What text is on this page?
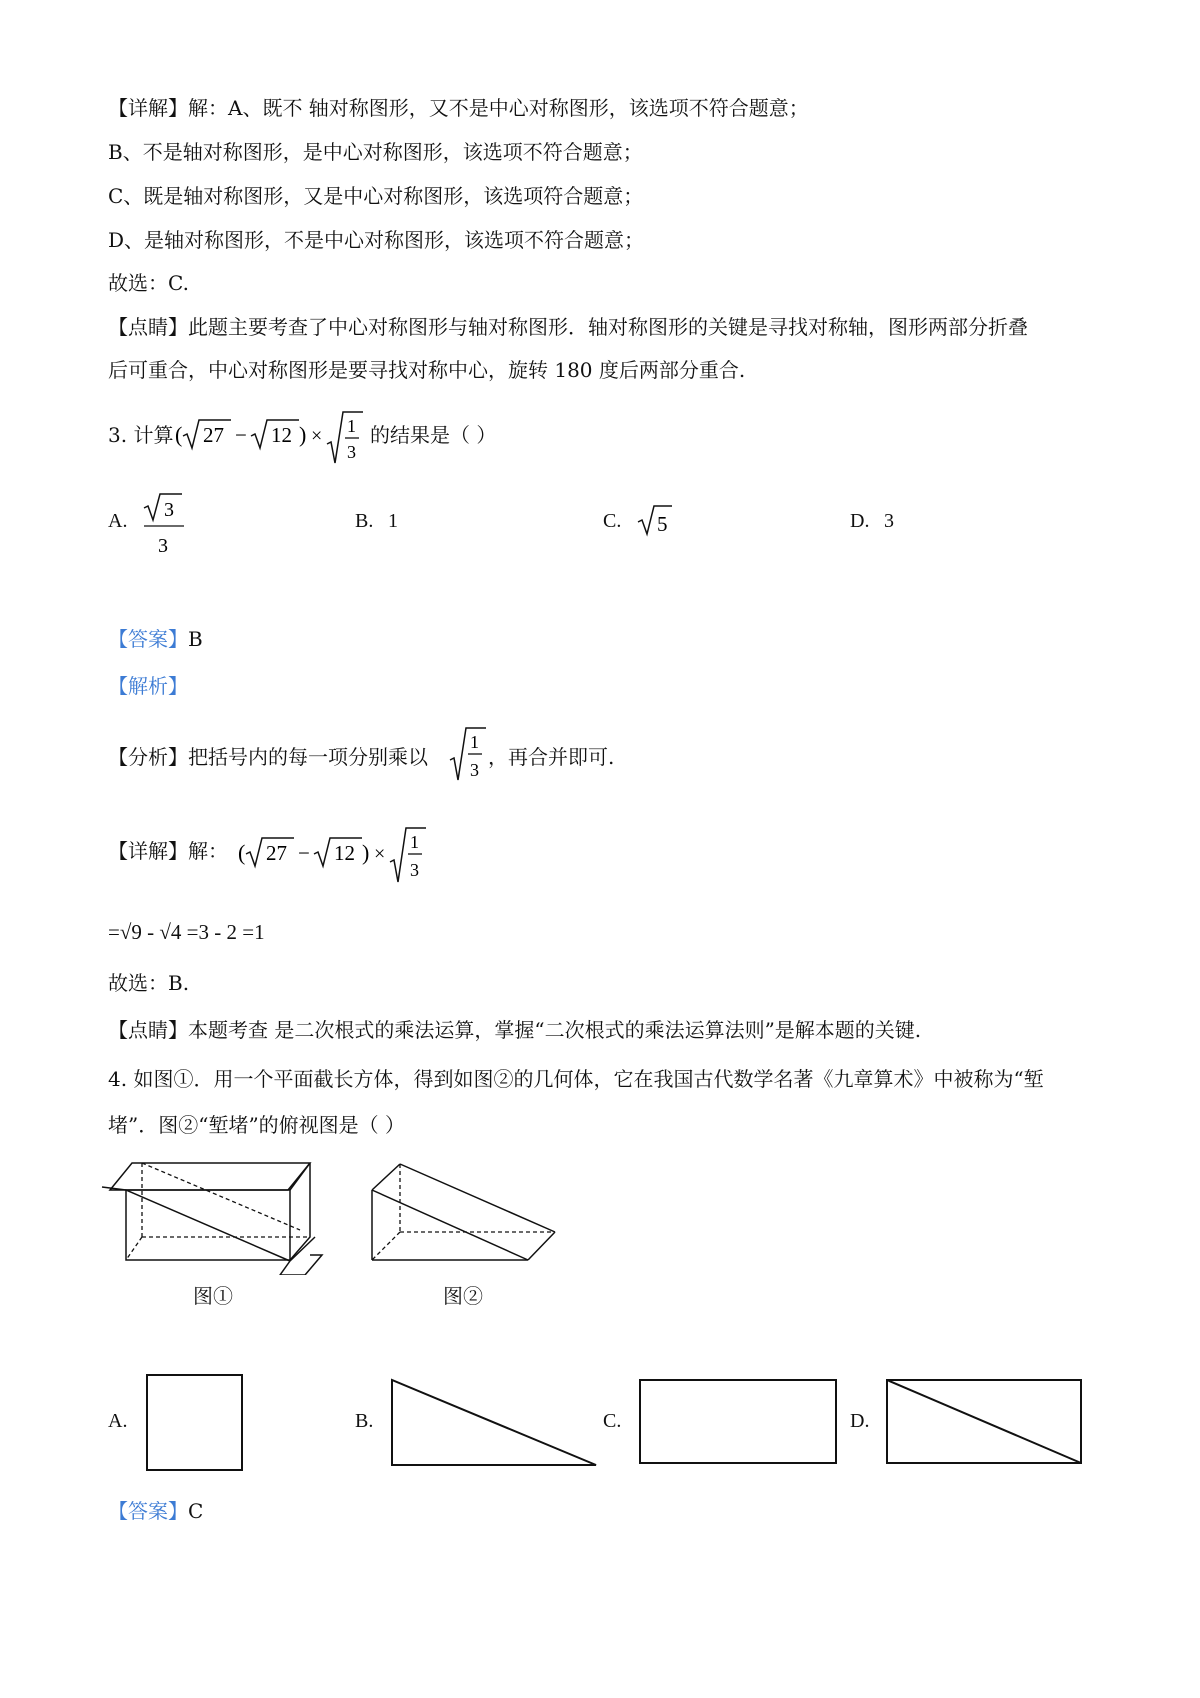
【详解】解：A、既不 轴对称图形，又不是中心对称图形，该选项不符合题意；
B、不是轴对称图形，是中心对称图形，该选项不符合题意；
C、既是轴对称图形，又是中心对称图形，该选项符合题意；
D、是轴对称图形，不是中心对称图形，该选项不符合题意；
故选：C.
【点睛】此题主要考查了中心对称图形与轴对称图形．轴对称图形的关键是寻找对称轴，图形两部分折叠
后可重合，中心对称图形是要寻找对称中心，旋转 180 度后两部分重合.
3. 计算 ( 27 − 12 ) × 1
3
的结果是（ ）
A. 3
3
B. 1	C. 5	D. 3
【答案】B
【解析】
【分析】把括号内的每一项分别乘以
1
3
，再合并即可.
【详解】解： ( 27 − 12 ) ×
1
3
=√9 - √4 =3 - 2 =1
故选：B.
【点睛】本题考查 是二次根式的乘法运算，掌握“二次根式的乘法运算法则”是解本题的关键.
4. 如图①．用一个平面截长方体，得到如图②的几何体，它在我国古代数学名著《九章算术》中被称为“堑
堵”．图②“堑堵”的俯视图是（ ）
图①	图②
A.	B.	C.	D.
【答案】C
